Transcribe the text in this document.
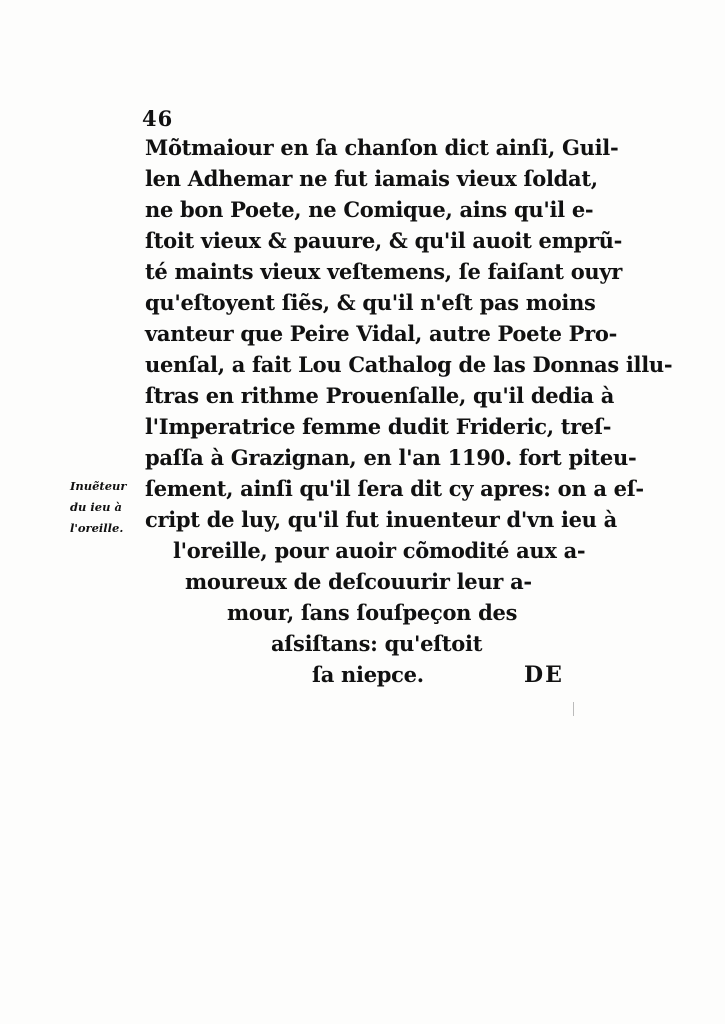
46
Mõtmaiour en ſa chanſon dict ainſi, Guil-
len Adhemar ne fut iamais vieux ſoldat,
ne bon Poete, ne Comique, ains qu'il e-
ſtoit vieux & pauure, & qu'il auoit emprũ-
té maints vieux veſtemens, ſe faiſant ouyr
qu'eſtoyent ſiẽs, & qu'il n'eſt pas moins
vanteur que Peire Vidal, autre Poete Pro-
uenſal, a fait Lou Cathalog de las Donnas illu-
ſtras en rithme Prouenſalle, qu'il dedia à
l'Imperatrice femme dudit Frideric, treſ-
paſſa à Grazignan, en l'an 1190. fort piteu-
ſement, ainſi qu'il ſera dit cy apres: on a eſ-
cript de luy, qu'il fut inuenteur d'vn ieu à
l'oreille, pour auoir cõmodité aux a-
moureux de deſcouurir leur a-
mour, ſans ſouſpeçon des
aſsiſtans: qu'eſtoit
ſa niepce.
Inuẽteur
du ieu à
l'oreille.
DE
